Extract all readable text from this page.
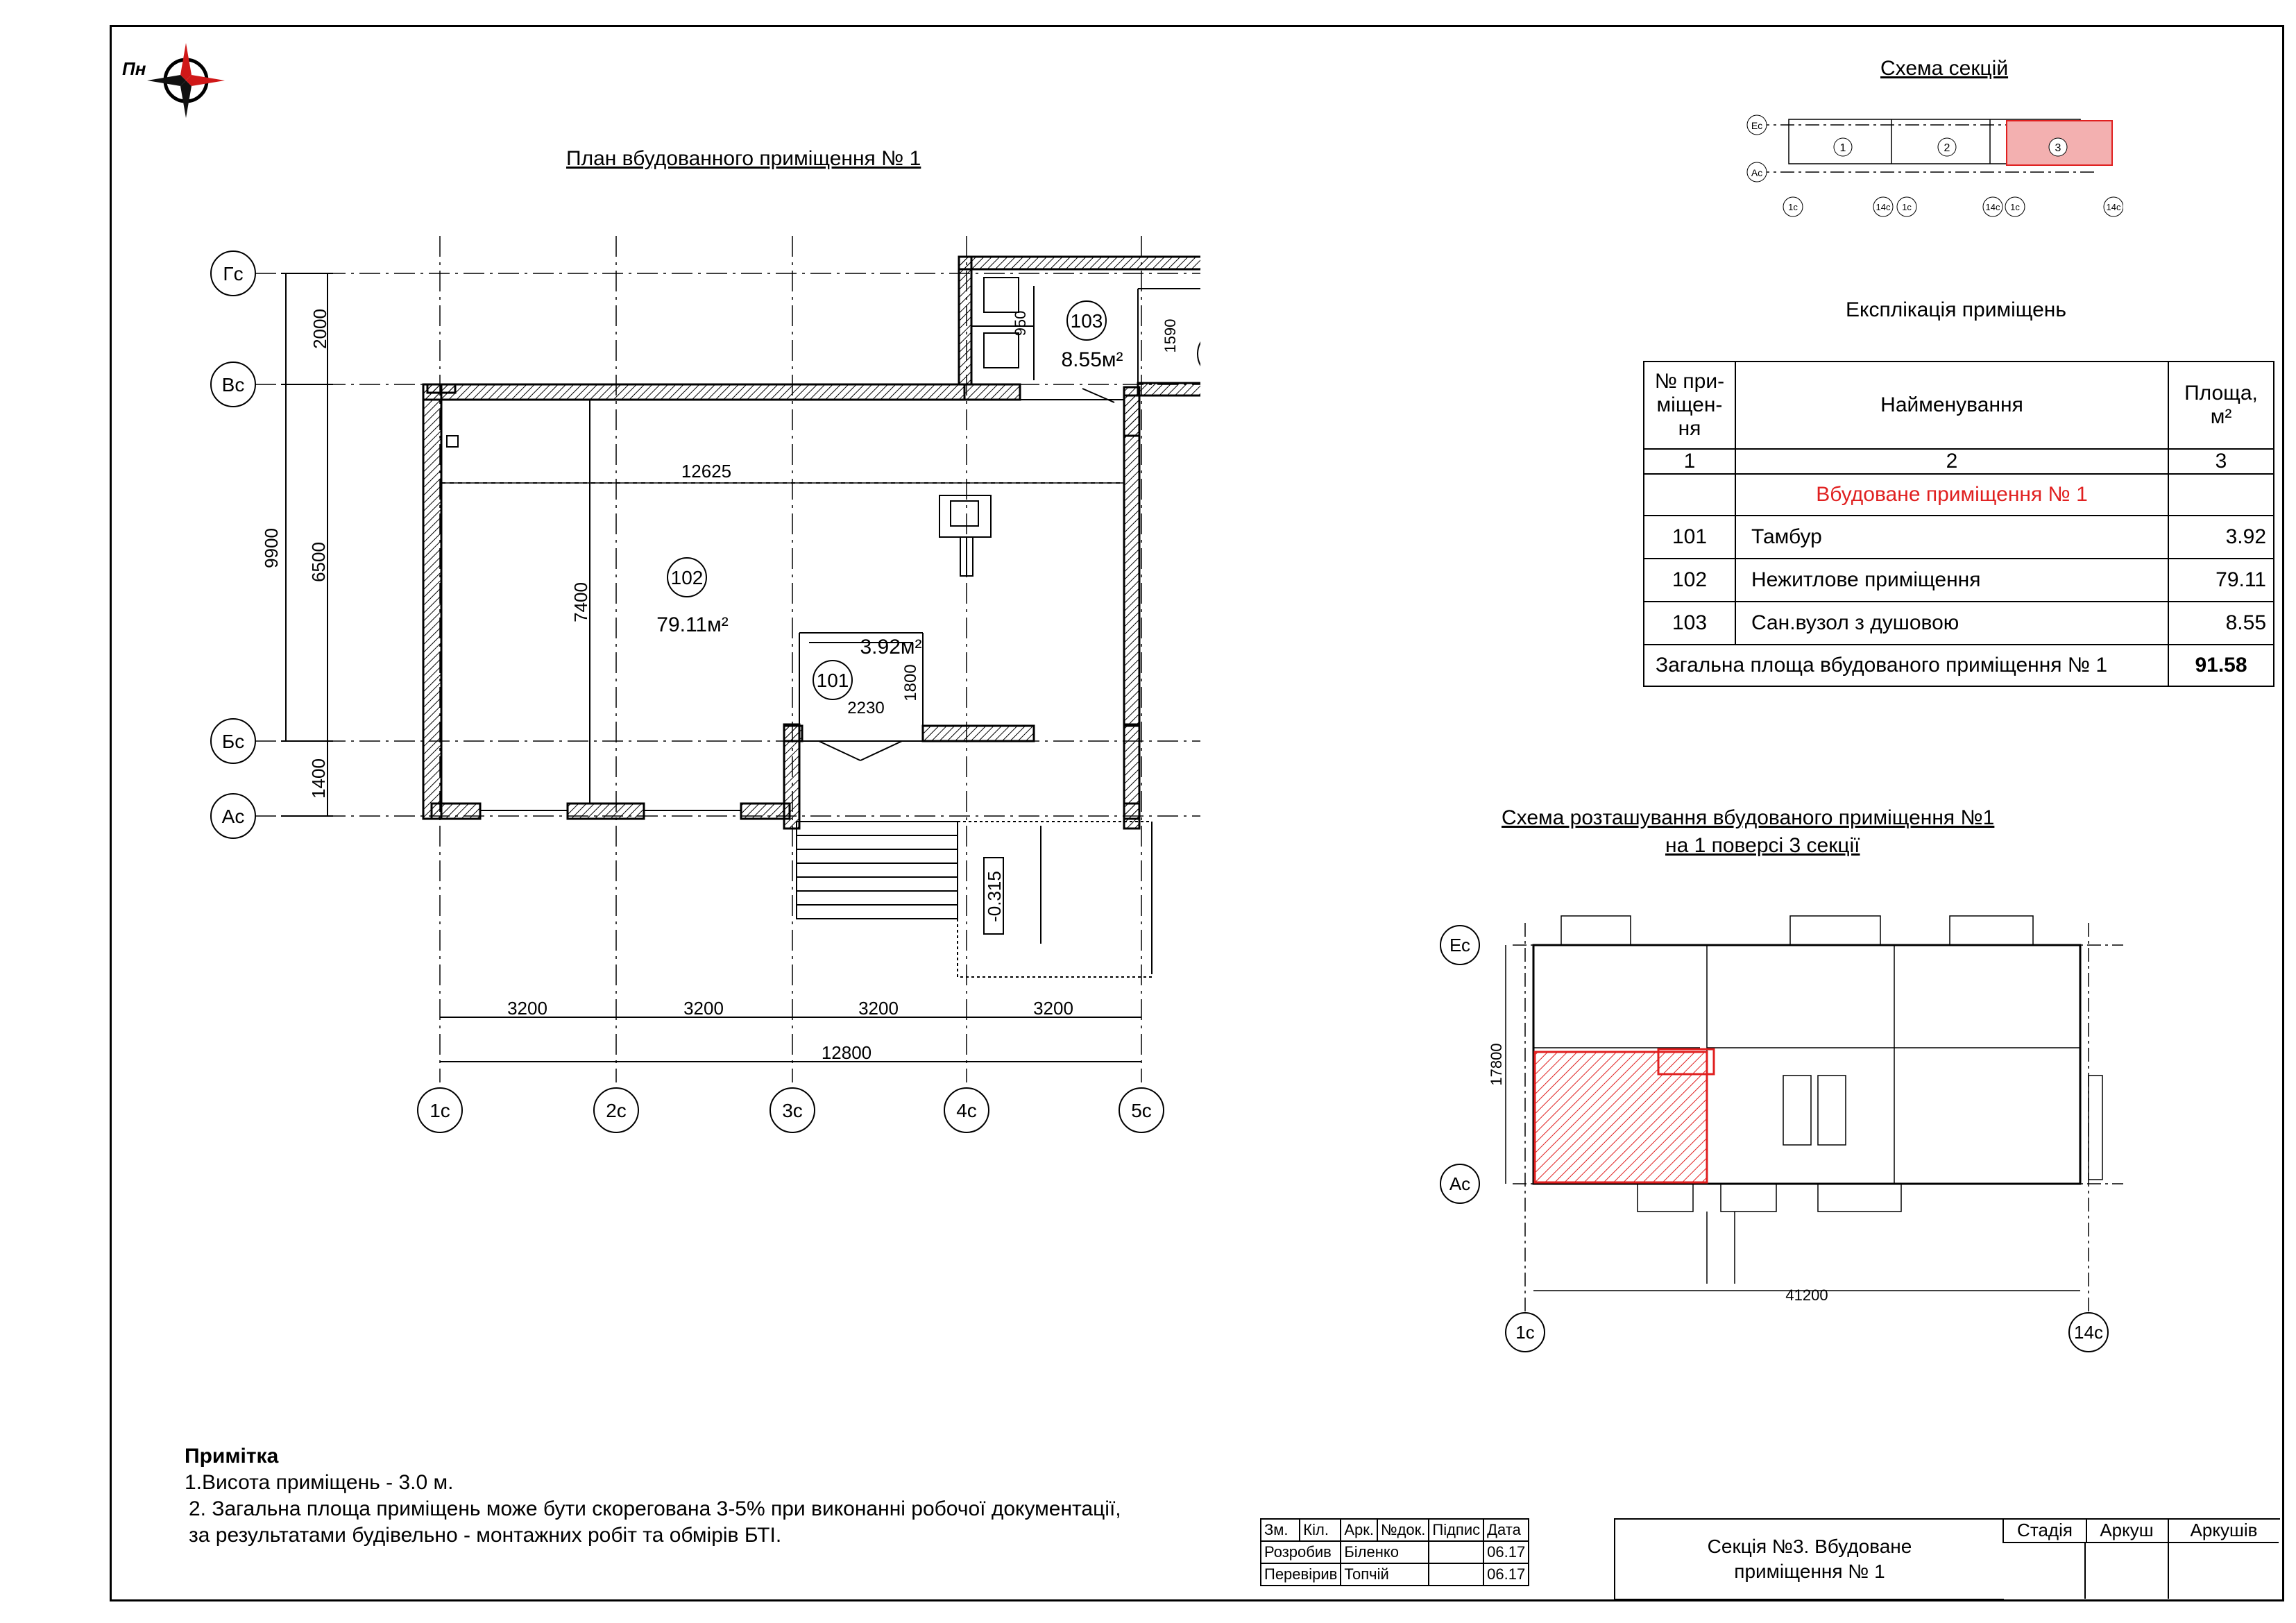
Пн
План вбудованного приміщення № 1
2000
9900 6500
1400
-0.315
12625
7400
950	1590
1800
2230
102
79.11м²
101
3.92м²
103
8.55м²
3200	3200	3200	3200
12800
Гс
Вс
Бс
Ас
1с	2с	3с	4с	5с
Схема секцій
Ес
Ас
1	2	3
1с	14с 1с	14с 1с	14с
Експлікація приміщень
№ при-
міщен-
ня	Найменування	Площа,
м²
1	2	3
	Вбудоване приміщення № 1	
101	Тамбур	3.92
102	Нежитлове приміщення	79.11
103	Сан.вузол з душовою	8.55
Загальна площа вбудованого приміщення № 1		91.58
Схема розташування вбудованого приміщення №1
на 1 поверсі 3 секції
17800
41200
Ес
Ас
1с	14с
Примітка
1.Висота приміщень - 3.0 м.
2. Загальна площа приміщень може бути скорегована 3-5% при виконанні робочої документації,
за результатами будівельно - монтажних робіт та обмірів БТІ.	Зм.	Кіл.	Арк.	№док.	Підпис	Дата
Розробив		Біленко			06.17
Перевірив		Топчій			06.17
Секція №3. Вбудоване приміщення № 1
Стадія	Аркуш	Аркушів
